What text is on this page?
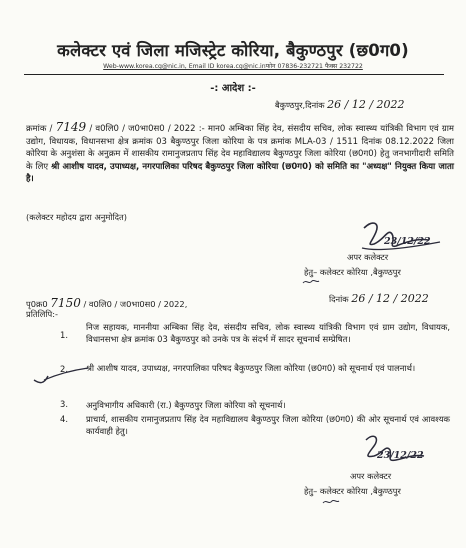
कलेक्टर एवं जिला मजिस्ट्रेट कोरिया, बैकुण्ठपुर (छ0ग0)
Web-www.korea.cg@nic.in, Email ID korea.cg@nic.inफोन 07836-232721 फैक्स 232722
-: आदेश :-
बैकुण्ठपुर,दिनांक 26 / 12 / 2022
क्रमांक / 7149 / व0लि0 / ज0भा0स0 / 2022 :- मान0 अम्बिका सिंह देव, संसदीय सचिव, लोक स्वास्थ्य यांत्रिकी विभाग एवं ग्राम उद्योग, विधायक, विधानसभा क्षेत्र क्रमांक 03 बैकुण्ठपुर जिला कोरिया के पत्र क्रमांक MLA-03 / 1511 दिनांक 08.12.2022 जिला कोरिया के अनुशंसा के अनुक्रम में शासकीय रामानुजप्रताप सिंह देव महाविद्यालय बैकुण्ठपुर जिला कोरिया (छ0ग0) हेतु जनभागीदारी समिति के लिए श्री आशीष यादव, उपाध्यक्ष, नगरपालिका परिषद बैकुण्ठपुर जिला कोरिया (छ0ग0) को समिति का "अध्यक्ष" नियुक्त किया जाता है।
(कलेक्टर महोदय द्वारा अनुमोदित)
23/12/22
अपर कलेक्टर
हेतु– कलेक्टर कोरिया ,बैकुण्ठपुर
पृ0क्र0 7150 / व0लि0 / ज0भा0स0 / 2022,	दिनांक 26 / 12 / 2022
प्रतिलिपि:-
1.
निज सहायक, माननीया अम्बिका सिंह देव, संसदीय सचिव, लोक स्वास्थ्य यांत्रिकी विभाग एवं ग्राम उद्योग, विधायक, विधानसभा क्षेत्र क्रमांक 03 बैकुण्ठपुर को उनके पत्र के संदर्भ में सादर सूचनार्थ सम्प्रेषित।
2. श्री आशीष यादव, उपाध्यक्ष, नगरपालिका परिषद बैकुण्ठपुर जिला कोरिया (छ0ग0) को सूचनार्थ एवं पालनार्थ।
3. अनुविभागीय अधिकारी (रा.) बैकुण्ठपुर जिला कोरिया को सूचनार्थ।
4. प्राचार्य, शासकीय रामानुजप्रताप सिंह देव महाविद्यालय बैकुण्ठपुर जिला कोरिया (छ0ग0) की ओर सूचनार्थ एवं आवश्यक कार्यवाही हेतु।
23/12/22
अपर कलेक्टर
हेतु– कलेक्टर कोरिया ,बैकुण्ठपुर
